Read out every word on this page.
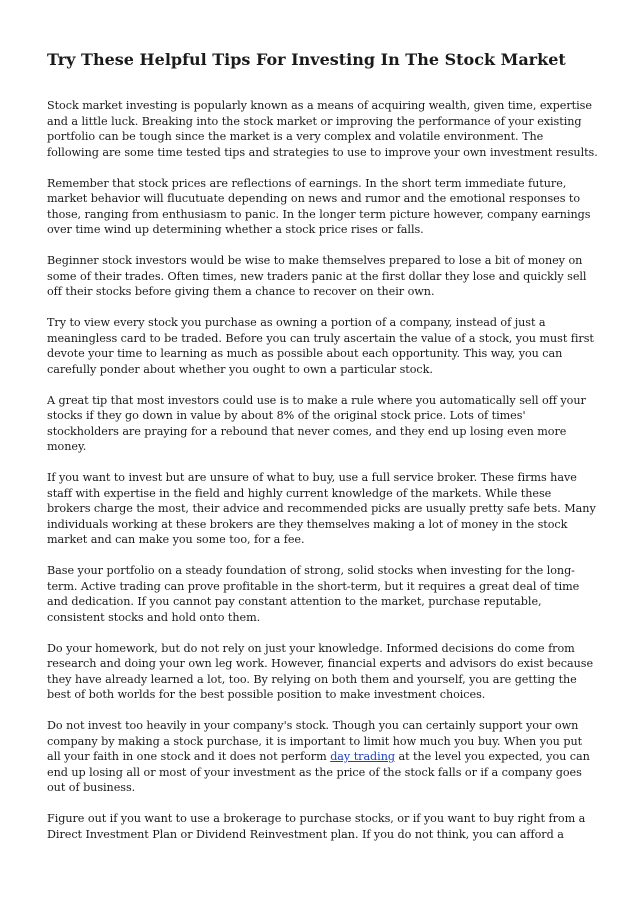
Try These Helpful Tips For Investing In The Stock Market

Stock market investing is popularly known as a means of acquiring wealth, given time, expertise and a little luck. Breaking into the stock market or improving the performance of your existing portfolio can be tough since the market is a very complex and volatile environment. The following are some time tested tips and strategies to use to improve your own investment results.

Remember that stock prices are reflections of earnings. In the short term immediate future, market behavior will flucutuate depending on news and rumor and the emotional responses to those, ranging from enthusiasm to panic. In the longer term picture however, company earnings over time wind up determining whether a stock price rises or falls.

Beginner stock investors would be wise to make themselves prepared to lose a bit of money on some of their trades. Often times, new traders panic at the first dollar they lose and quickly sell off their stocks before giving them a chance to recover on their own.

Try to view every stock you purchase as owning a portion of a company, instead of just a meaningless card to be traded. Before you can truly ascertain the value of a stock, you must first devote your time to learning as much as possible about each opportunity. This way, you can carefully ponder about whether you ought to own a particular stock.

A great tip that most investors could use is to make a rule where you automatically sell off your stocks if they go down in value by about 8% of the original stock price. Lots of times' stockholders are praying for a rebound that never comes, and they end up losing even more money.

If you want to invest but are unsure of what to buy, use a full service broker. These firms have staff with expertise in the field and highly current knowledge of the markets. While these brokers charge the most, their advice and recommended picks are usually pretty safe bets. Many individuals working at these brokers are they themselves making a lot of money in the stock market and can make you some too, for a fee.

Base your portfolio on a steady foundation of strong, solid stocks when investing for the long-term. Active trading can prove profitable in the short-term, but it requires a great deal of time and dedication. If you cannot pay constant attention to the market, purchase reputable, consistent stocks and hold onto them.

Do your homework, but do not rely on just your knowledge. Informed decisions do come from research and doing your own leg work. However, financial experts and advisors do exist because they have already learned a lot, too. By relying on both them and yourself, you are getting the best of both worlds for the best possible position to make investment choices.

Do not invest too heavily in your company's stock. Though you can certainly support your own company by making a stock purchase, it is important to limit how much you buy. When you put all your faith in one stock and it does not perform day trading at the level you expected, you can end up losing all or most of your investment as the price of the stock falls or if a company goes out of business.

Figure out if you want to use a brokerage to purchase stocks, or if you want to buy right from a Direct Investment Plan or Dividend Reinvestment plan. If you do not think, you can afford a
